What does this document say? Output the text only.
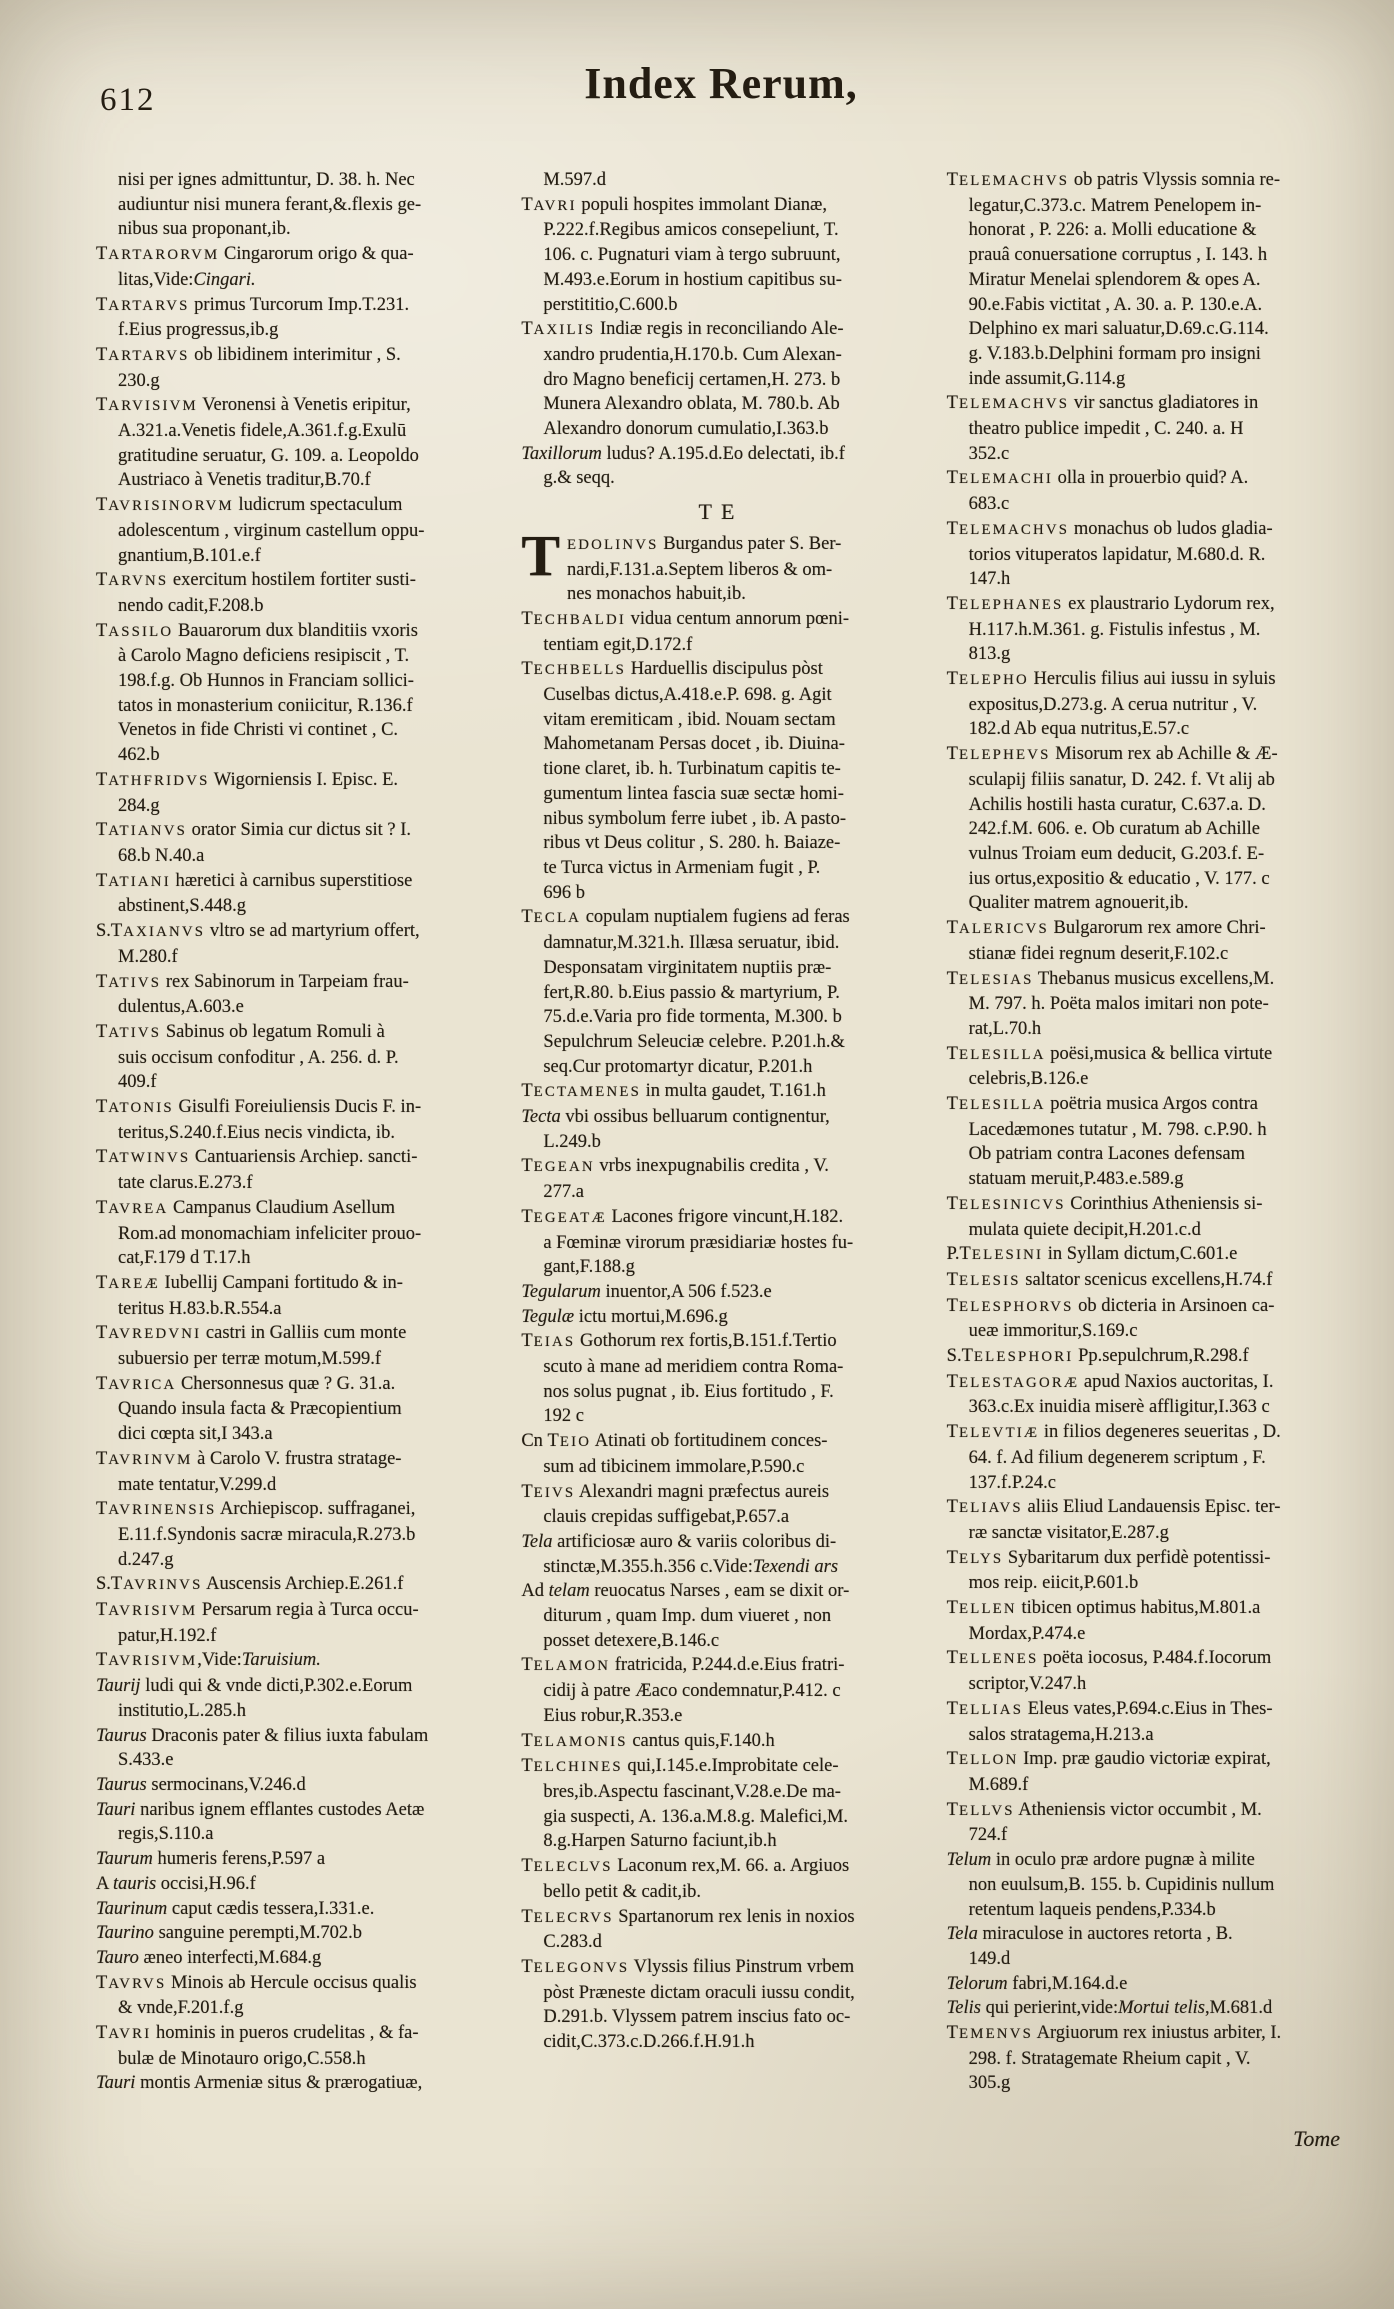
612	Index Rerum,
nisi per ignes admittuntur, D. 38. h. Nec
audiuntur nisi munera ferant,&.flexis ge-
nibus sua proponant,ib.
TARTARORVM Cingarorum origo & qua-
litas,Vide:Cingari.
TARTARVS primus Turcorum Imp.T.231.
f.Eius progressus,ib.g
TARTARVS ob libidinem interimitur , S.
230.g
TARVISIVM Veronensi à Venetis eripitur,
A.321.a.Venetis fidele,A.361.f.g.Exulū
gratitudine seruatur, G. 109. a. Leopoldo
Austriaco à Venetis traditur,B.70.f
TAVRISINORVM ludicrum spectaculum
adolescentum , virginum castellum oppu-
gnantium,B.101.e.f
TARVNS exercitum hostilem fortiter susti-
nendo cadit,F.208.b
TASSILO Bauarorum dux blanditiis vxoris
à Carolo Magno deficiens resipiscit , T.
198.f.g. Ob Hunnos in Franciam sollici-
tatos in monasterium coniicitur, R.136.f
Venetos in fide Christi vi continet , C.
462.b
TATHFRIDVS Wigorniensis I. Episc. E.
284.g
TATIANVS orator Simia cur dictus sit ? I.
68.b N.40.a
TATIANI hæretici à carnibus superstitiose
abstinent,S.448.g
S.TAXIANVS vltro se ad martyrium offert,
M.280.f
TATIVS rex Sabinorum in Tarpeiam frau-
dulentus,A.603.e
TATIVS Sabinus ob legatum Romuli à
suis occisum confoditur , A. 256. d. P.
409.f
TATONIS Gisulfi Foreiuliensis Ducis F. in-
teritus,S.240.f.Eius necis vindicta, ib.
TATWINVS Cantuariensis Archiep. sancti-
tate clarus.E.273.f
TAVREA Campanus Claudium Asellum
Rom.ad monomachiam infeliciter prouo-
cat,F.179 d T.17.h
TAREÆ Iubellij Campani fortitudo & in-
teritus H.83.b.R.554.a
TAVREDVNI castri in Galliis cum monte
subuersio per terræ motum,M.599.f
TAVRICA Chersonnesus quæ ? G. 31.a.
Quando insula facta & Præcopientium
dici cœpta sit,I 343.a
TAVRINVM à Carolo V. frustra stratage-
mate tentatur,V.299.d
TAVRINENSIS Archiepiscop. suffraganei,
E.11.f.Syndonis sacræ miracula,R.273.b
d.247.g
S.TAVRINVS Auscensis Archiep.E.261.f
TAVRISIVM Persarum regia à Turca occu-
patur,H.192.f
TAVRISIVM,Vide:Taruisium.
Taurij ludi qui & vnde dicti,P.302.e.Eorum
institutio,L.285.h
Taurus Draconis pater & filius iuxta fabulam
S.433.e
Taurus sermocinans,V.246.d
Tauri naribus ignem efflantes custodes Aetæ
regis,S.110.a
Taurum humeris ferens,P.597 a
A tauris occisi,H.96.f
Taurinum caput cædis tessera,I.331.e.
Taurino sanguine perempti,M.702.b
Tauro æneo interfecti,M.684.g
TAVRVS Minois ab Hercule occisus qualis
& vnde,F.201.f.g
TAVRI hominis in pueros crudelitas , & fa-
bulæ de Minotauro origo,C.558.h
Tauri montis Armeniæ situs & prærogatiuæ,
M.597.d
TAVRI populi hospites immolant Dianæ,
P.222.f.Regibus amicos consepeliunt, T.
106. c. Pugnaturi viam à tergo subruunt,
M.493.e.Eorum in hostium capitibus su-
perstititio,C.600.b
TAXILIS Indiæ regis in reconciliando Ale-
xandro prudentia,H.170.b. Cum Alexan-
dro Magno beneficij certamen,H. 273. b
Munera Alexandro oblata, M. 780.b. Ab
Alexandro donorum cumulatio,I.363.b
Taxillorum ludus? A.195.d.Eo delectati, ib.f
g.& seqq.
TE
T EDOLINVS Burgandus pater S. Ber-
nardi,F.131.a.Septem liberos & om-
nes monachos habuit,ib.
TECHBALDI vidua centum annorum pœni-
tentiam egit,D.172.f
TECHBELLS Harduellis discipulus pòst
Cuselbas dictus,A.418.e.P. 698. g. Agit
vitam eremiticam , ibid. Nouam sectam
Mahometanam Persas docet , ib. Diuina-
tione claret, ib. h. Turbinatum capitis te-
gumentum lintea fascia suæ sectæ homi-
nibus symbolum ferre iubet , ib. A pasto-
ribus vt Deus colitur , S. 280. h. Baiaze-
te Turca victus in Armeniam fugit , P.
696 b
TECLA copulam nuptialem fugiens ad feras
damnatur,M.321.h. Illæsa seruatur, ibid.
Desponsatam virginitatem nuptiis præ-
fert,R.80. b.Eius passio & martyrium, P.
75.d.e.Varia pro fide tormenta, M.300. b
Sepulchrum Seleuciæ celebre. P.201.h.&
seq.Cur protomartyr dicatur, P.201.h
TECTAMENES in multa gaudet, T.161.h
Tecta vbi ossibus belluarum contignentur,
L.249.b
TEGEAN vrbs inexpugnabilis credita , V.
277.a
TEGEATÆ Lacones frigore vincunt,H.182.
a Fœminæ virorum præsidiariæ hostes fu-
gant,F.188.g
Tegularum inuentor,A 506 f.523.e
Tegulæ ictu mortui,M.696.g
TEIAS Gothorum rex fortis,B.151.f.Tertio
scuto à mane ad meridiem contra Roma-
nos solus pugnat , ib. Eius fortitudo , F.
192 c
Cn TEIO Atinati ob fortitudinem conces-
sum ad tibicinem immolare,P.590.c
TEIVS Alexandri magni præfectus aureis
clauis crepidas suffigebat,P.657.a
Tela artificiosæ auro & variis coloribus di-
stinctæ,M.355.h.356 c.Vide:Texendi ars
Ad telam reuocatus Narses , eam se dixit or-
diturum , quam Imp. dum viueret , non
posset detexere,B.146.c
TELAMON fratricida, P.244.d.e.Eius fratri-
cidij à patre Æaco condemnatur,P.412. c
Eius robur,R.353.e
TELAMONIS cantus quis,F.140.h
TELCHINES qui,I.145.e.Improbitate cele-
bres,ib.Aspectu fascinant,V.28.e.De ma-
gia suspecti, A. 136.a.M.8.g. Malefici,M.
8.g.Harpen Saturno faciunt,ib.h
TELECLVS Laconum rex,M. 66. a. Argiuos
bello petit & cadit,ib.
TELECRVS Spartanorum rex lenis in noxios
C.283.d
TELEGONVS Vlyssis filius Pinstrum vrbem
pòst Præneste dictam oraculi iussu condit,
D.291.b. Vlyssem patrem inscius fato oc-
cidit,C.373.c.D.266.f.H.91.h
TELEMACHVS ob patris Vlyssis somnia re-
legatur,C.373.c. Matrem Penelopem in-
honorat , P. 226: a. Molli educatione &
prauâ conuersatione corruptus , I. 143. h
Miratur Menelai splendorem & opes A.
90.e.Fabis victitat , A. 30. a. P. 130.e.A.
Delphino ex mari saluatur,D.69.c.G.114.
g. V.183.b.Delphini formam pro insigni
inde assumit,G.114.g
TELEMACHVS vir sanctus gladiatores in
theatro publice impedit , C. 240. a. H
352.c
TELEMACHI olla in prouerbio quid? A.
683.c
TELEMACHVS monachus ob ludos gladia-
torios vituperatos lapidatur, M.680.d. R.
147.h
TELEPHANES ex plaustrario Lydorum rex,
H.117.h.M.361. g. Fistulis infestus , M.
813.g
TELEPHO Herculis filius aui iussu in syluis
expositus,D.273.g. A cerua nutritur , V.
182.d Ab equa nutritus,E.57.c
TELEPHEVS Misorum rex ab Achille & Æ-
sculapij filiis sanatur, D. 242. f. Vt alij ab
Achilis hostili hasta curatur, C.637.a. D.
242.f.M. 606. e. Ob curatum ab Achille
vulnus Troiam eum deducit, G.203.f. E-
ius ortus,expositio & educatio , V. 177. c
Qualiter matrem agnouerit,ib.
TALERICVS Bulgarorum rex amore Chri-
stianæ fidei regnum deserit,F.102.c
TELESIAS Thebanus musicus excellens,M.
M. 797. h. Poëta malos imitari non pote-
rat,L.70.h
TELESILLA poësi,musica & bellica virtute
celebris,B.126.e
TELESILLA poëtria musica Argos contra
Lacedæmones tutatur , M. 798. c.P.90. h
Ob patriam contra Lacones defensam
statuam meruit,P.483.e.589.g
TELESINICVS Corinthius Atheniensis si-
mulata quiete decipit,H.201.c.d
P.TELESINI in Syllam dictum,C.601.e
TELESIS saltator scenicus excellens,H.74.f
TELESPHORVS ob dicteria in Arsinoen ca-
ueæ immoritur,S.169.c
S.TELESPHORI Pp.sepulchrum,R.298.f
TELESTAGORÆ apud Naxios auctoritas, I.
363.c.Ex inuidia miserè affligitur,I.363 c
TELEVTIÆ in filios degeneres seueritas , D.
64. f. Ad filium degenerem scriptum , F.
137.f.P.24.c
TELIAVS aliis Eliud Landauensis Episc. ter-
ræ sanctæ visitator,E.287.g
TELYS Sybaritarum dux perfidè potentissi-
mos reip. eiicit,P.601.b
TELLEN tibicen optimus habitus,M.801.a
Mordax,P.474.e
TELLENES poëta iocosus, P.484.f.Iocorum
scriptor,V.247.h
TELLIAS Eleus vates,P.694.c.Eius in Thes-
salos stratagema,H.213.a
TELLON Imp. præ gaudio victoriæ expirat,
M.689.f
TELLVS Atheniensis victor occumbit , M.
724.f
Telum in oculo præ ardore pugnæ à milite
non euulsum,B. 155. b. Cupidinis nullum
retentum laqueis pendens,P.334.b
Tela miraculose in auctores retorta , B.
149.d
Telorum fabri,M.164.d.e
Telis qui perierint,vide:Mortui telis,M.681.d
TEMENVS Argiuorum rex iniustus arbiter, I.
298. f. Stratagemate Rheium capit , V.
305.g
Tome
